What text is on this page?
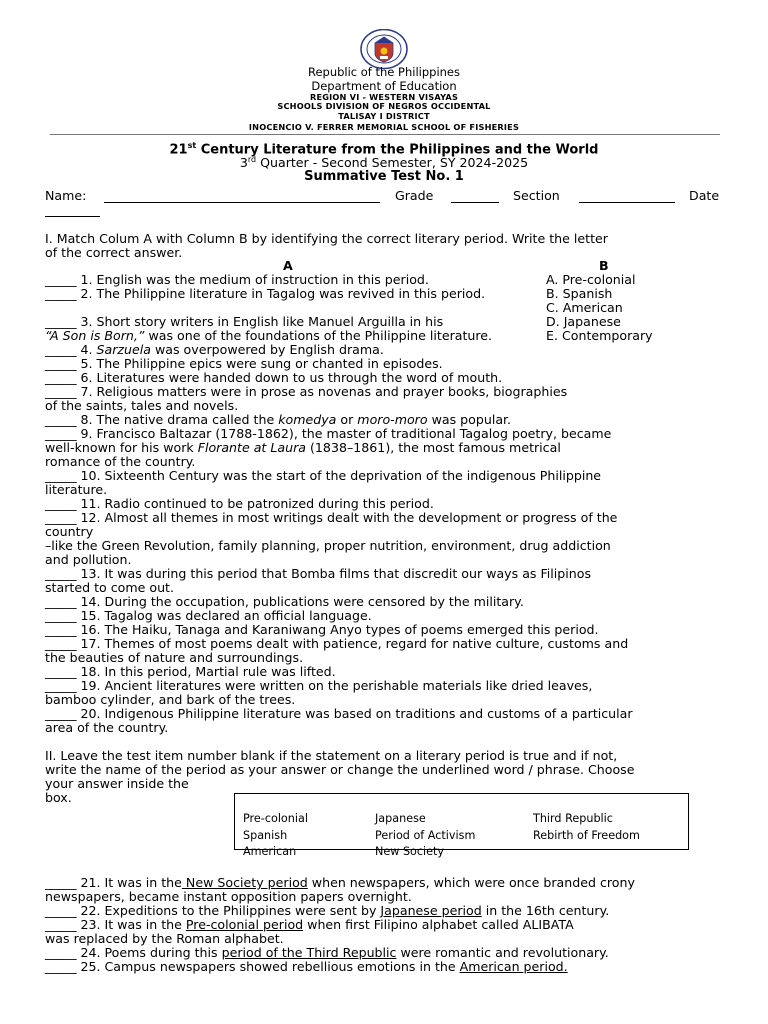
Republic of the Philippines
Department of Education
REGION VI - WESTERN VISAYAS
SCHOOLS DIVISION OF NEGROS OCCIDENTAL
TALISAY I DISTRICT
INOCENCIO V. FERRER MEMORIAL SCHOOL OF FISHERIES
21st Century Literature from the Philippines and the World
3rd Quarter - Second Semester, SY 2024-2025
Summative Test No. 1
Name:	Grade	Section	Date
I. Match Colum A with Column B by identifying the correct literary period. Write the letter
of the correct answer.
A	B
A. Pre-colonial
B. Spanish
C. American
D. Japanese
E. Contemporary
_____ 1. English was the medium of instruction in this period.
_____ 2. The Philippine literature in Tagalog was revived in this period.
_____ 3. Short story writers in English like Manuel Arguilla in his
“A Son is Born,” was one of the foundations of the Philippine literature.
_____ 4. Sarzuela was overpowered by English drama.
_____ 5. The Philippine epics were sung or chanted in episodes.
_____ 6. Literatures were handed down to us through the word of mouth.
_____ 7. Religious matters were in prose as novenas and prayer books, biographies
of the saints, tales and novels.
_____ 8. The native drama called the komedya or moro-moro was popular.
_____ 9. Francisco Baltazar (1788-1862), the master of traditional Tagalog poetry, became
well-known for his work Florante at Laura (1838–1861), the most famous metrical
romance of the country.
_____ 10. Sixteenth Century was the start of the deprivation of the indigenous Philippine
literature.
_____ 11. Radio continued to be patronized during this period.
_____ 12. Almost all themes in most writings dealt with the development or progress of the
country
–like the Green Revolution, family planning, proper nutrition, environment, drug addiction
and pollution.
_____ 13. It was during this period that Bomba films that discredit our ways as Filipinos
started to come out.
_____ 14. During the occupation, publications were censored by the military.
_____ 15. Tagalog was declared an official language.
_____ 16. The Haiku, Tanaga and Karaniwang Anyo types of poems emerged this period.
_____ 17. Themes of most poems dealt with patience, regard for native culture, customs and
the beauties of nature and surroundings.
_____ 18. In this period, Martial rule was lifted.
_____ 19. Ancient literatures were written on the perishable materials like dried leaves,
bamboo cylinder, and bark of the trees.
_____ 20. Indigenous Philippine literature was based on traditions and customs of a particular
area of the country.
II. Leave the test item number blank if the statement on a literary period is true and if not,
write the name of the period as your answer or change the underlined word / phrase. Choose
your answer inside the
box.
Pre-colonial
Spanish
American
Japanese
Period of Activism
New Society
Third Republic
Rebirth of Freedom
_____ 21. It was in the New Society period when newspapers, which were once branded crony
newspapers, became instant opposition papers overnight.
_____ 22. Expeditions to the Philippines were sent by Japanese period in the 16th century.
_____ 23. It was in the Pre-colonial period when first Filipino alphabet called ALIBATA
was replaced by the Roman alphabet.
_____ 24. Poems during this period of the Third Republic were romantic and revolutionary.
_____ 25. Campus newspapers showed rebellious emotions in the American period.
